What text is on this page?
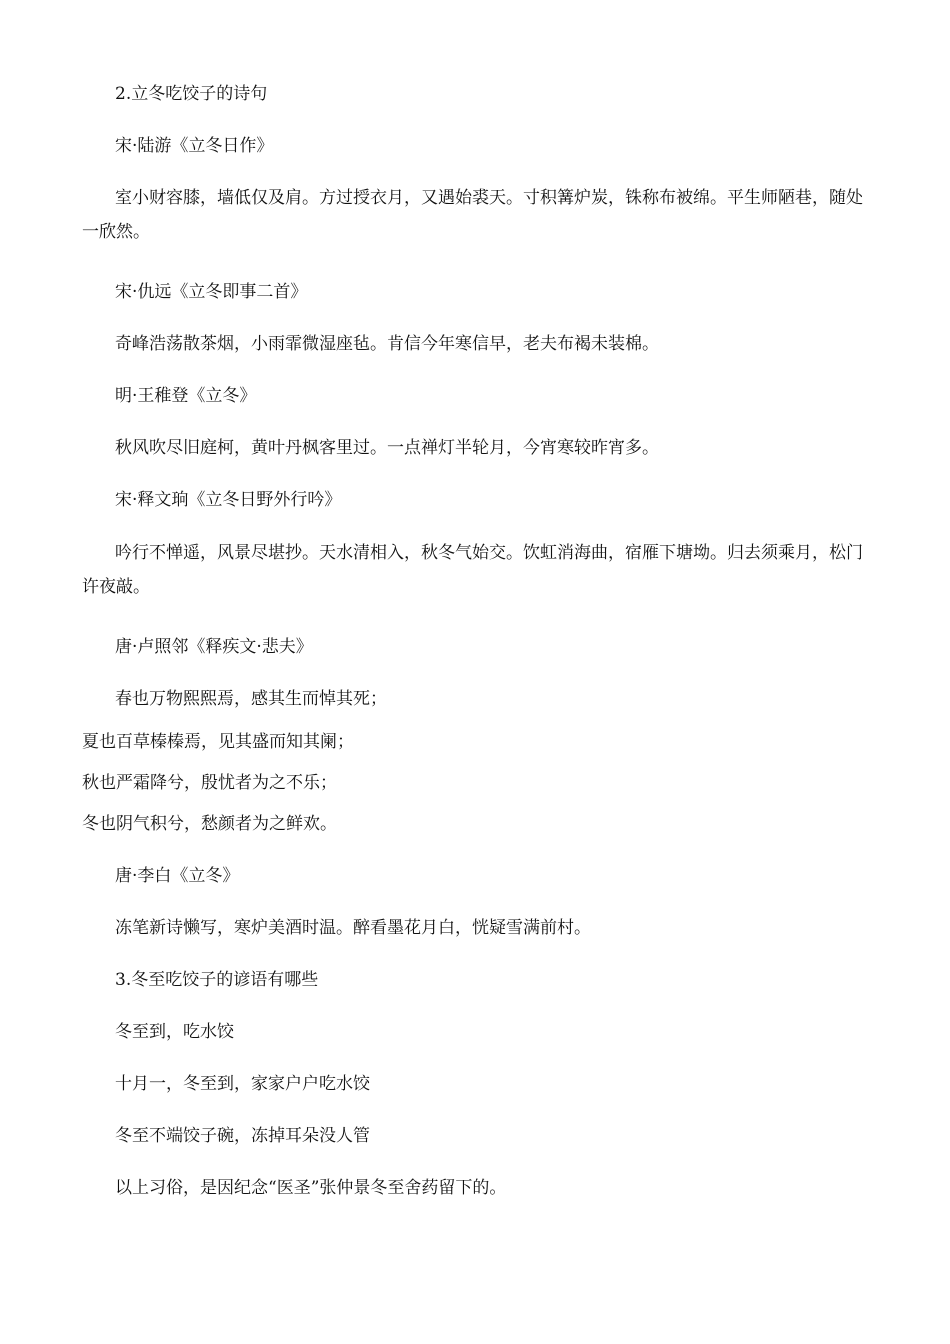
2.立冬吃饺子的诗句
宋·陆游《立冬日作》
室小财容膝，墙低仅及肩。方过授衣月，又遇始裘天。寸积篝炉炭，铢称布被绵。平生师陋巷，随处一欣然。
宋·仇远《立冬即事二首》
奇峰浩荡散茶烟，小雨霏微湿座毡。肯信今年寒信早，老夫布褐未装棉。
明·王稚登《立冬》
秋风吹尽旧庭柯，黄叶丹枫客里过。一点禅灯半轮月，今宵寒较昨宵多。
宋·释文珦《立冬日野外行吟》
吟行不惮遥，风景尽堪抄。天水清相入，秋冬气始交。饮虹消海曲，宿雁下塘坳。归去须乘月，松门许夜敲。
唐·卢照邻《释疾文·悲夫》
春也万物熙熙焉，感其生而悼其死；
夏也百草榛榛焉，见其盛而知其阑；
秋也严霜降兮，殷忧者为之不乐；
冬也阴气积兮，愁颜者为之鲜欢。
唐·李白《立冬》
冻笔新诗懒写，寒炉美酒时温。醉看墨花月白，恍疑雪满前村。
3.冬至吃饺子的谚语有哪些
冬至到，吃水饺
十月一，冬至到，家家户户吃水饺
冬至不端饺子碗，冻掉耳朵没人管
以上习俗，是因纪念“医圣”张仲景冬至舍药留下的。
